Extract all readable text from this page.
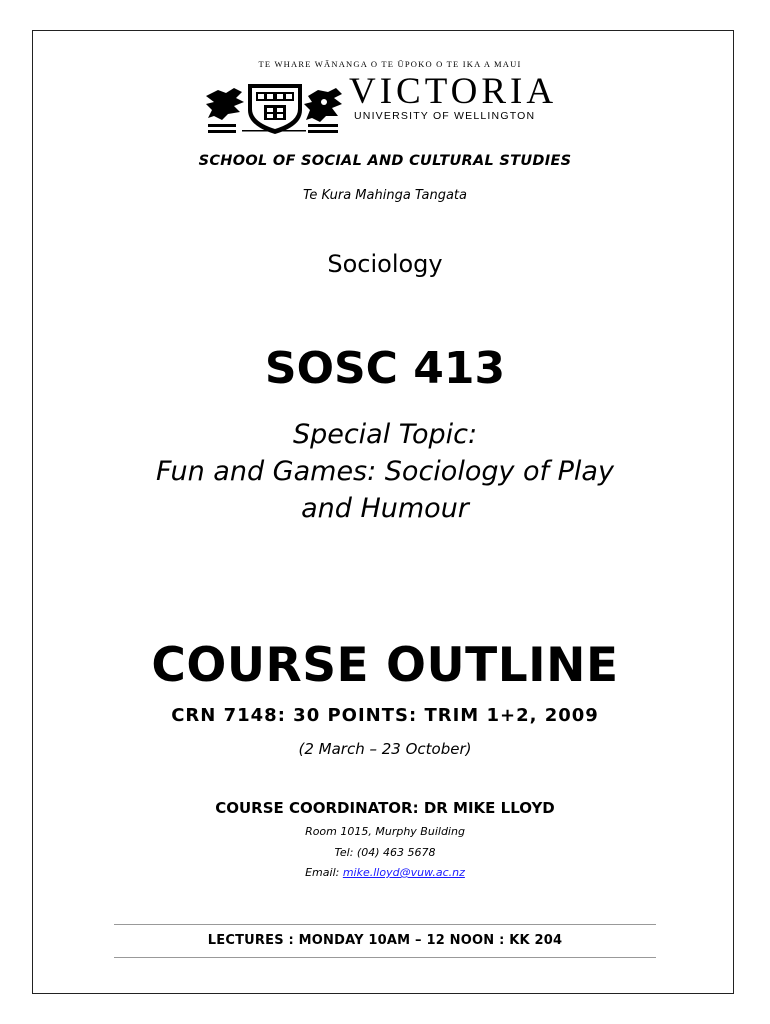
TE WHARE WĀNANGA O TE ŪPOKO O TE IKA A MAUI
VICTORIA
UNIVERSITY OF WELLINGTON
SCHOOL OF SOCIAL AND CULTURAL STUDIES
Te Kura Mahinga Tangata
Sociology
SOSC 413
Special Topic:
Fun and Games: Sociology of Play
and Humour
COURSE OUTLINE
CRN 7148: 30 POINTS: TRIM 1+2, 2009
(2 March – 23 October)
COURSE COORDINATOR: DR MIKE LLOYD
Room 1015, Murphy Building
Tel: (04) 463 5678
Email: mike.lloyd@vuw.ac.nz
LECTURES : MONDAY 10AM – 12 NOON : KK 204
